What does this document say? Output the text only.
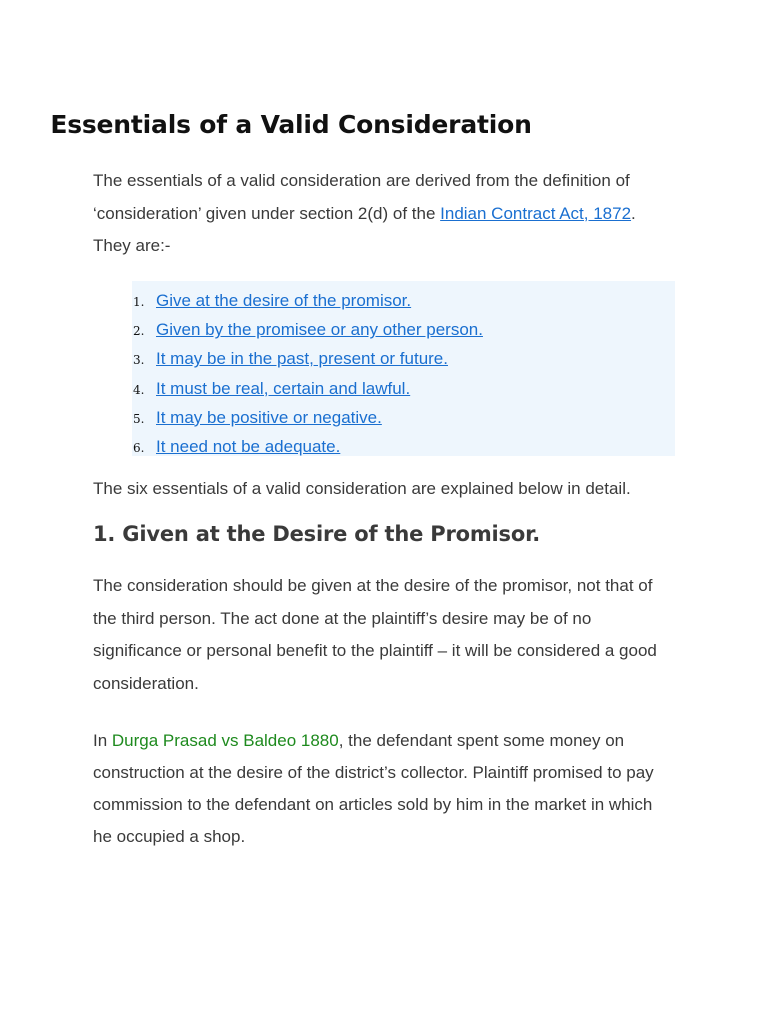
Essentials of a Valid Consideration

The essentials of a valid consideration are derived from the definition of ‘consideration’ given under section 2(d) of the Indian Contract Act, 1872. They are:-

1. Give at the desire of the promisor.
2. Given by the promisee or any other person.
3. It may be in the past, present or future.
4. It must be real, certain and lawful.
5. It may be positive or negative.
6. It need not be adequate.

The six essentials of a valid consideration are explained below in detail.

1. Given at the Desire of the Promisor.

The consideration should be given at the desire of the promisor, not that of the third person. The act done at the plaintiff’s desire may be of no significance or personal benefit to the plaintiff – it will be considered a good consideration.

In Durga Prasad vs Baldeo 1880, the defendant spent some money on construction at the desire of the district’s collector. Plaintiff promised to pay commission to the defendant on articles sold by him in the market in which he occupied a shop.
